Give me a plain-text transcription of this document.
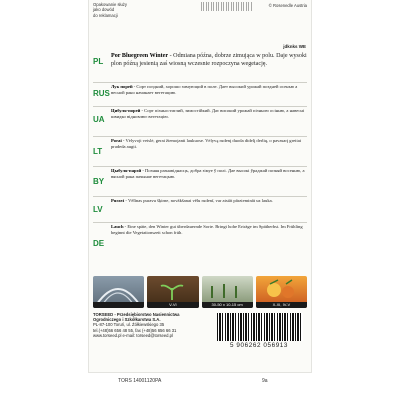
Opakowanie służy
jako dowód
do reklamacji
© Rosenedle Austria
jdknks WE
PL
Por Bluegreen Winter - Odmiana późna, dobrze zimująca w polu. Daje wysoki plon późną jesienią zaś wiosną wczesnie rozpoczyna wegetację.
RUS
Лук порей - Сорт поздний, хорошо зимующий в поле. Дает высокий урожай поздней осенью а весной рано начинает вегетацию.
UA
Цибуля-порей - Сорт пізньостиглий, зимостійкий. Дає високий урожай пізньою осінню, а навесні швидко відновлює вегетацію.
LT
Porai - Vėlyvoji veislė, gerai žiemojanti laukuose. Vėlyvą rudenį duoda didelį derlių, o pavasarį greitai pradeda augti.
BY
Цыбуля-парэй - Позняя разнавіднасць, добра зімуе ў полі. Дае высокі ўраджай позняй восенню, а вясной рана пачынае вегетацыю.
LV
Puravi - Vēlīnas puravu šķirne, novākšanai vēlu rudenī, var atstāt pārziemināt uz lauka.
DE
Lauch - Eine späte, den Winter gut überdauernde Sorte. Bringt hohe Erträge im Spätherbst. Im Frühling beginnt die Vegetationszeit schon früh.
V-VI	30-50 x 10-15 cm	X-XI, IV-V
TORSEED - Przedsiębiorstwo Nasiennictwa
Ogrodniczego i Szkółkarstwa S.A.
PL-87-100 Toruń, ul. Żółkiewskiego 35
tel.(+48)56 656 48 55, fax (+48)56 656 66 31
www.torseed.pl e-mail: torseed@torseed.pl
5 906262 056913
TORS 14001120PA	9a
